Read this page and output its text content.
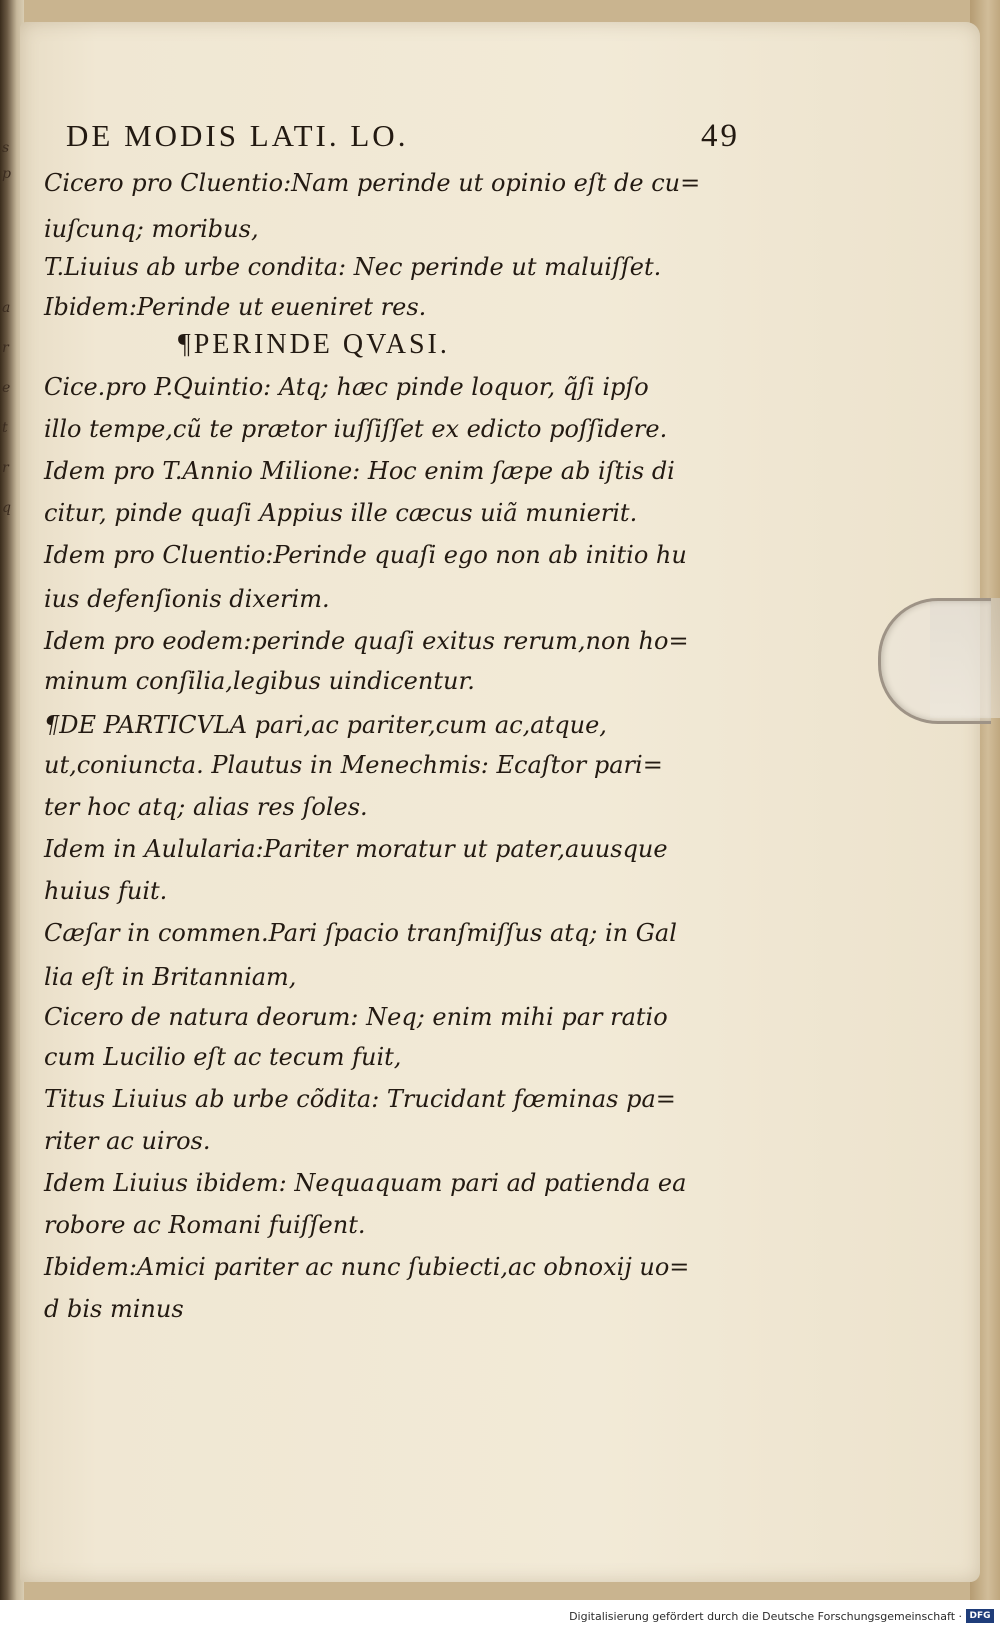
s
p
a
r
e
t
r
q
DE MODIS LATI. LO.	49
Cicero pro Cluentio:Nam perinde ut opinio eſt de cu=
iuſcunq; moribus,
T.Liuius ab urbe condita: Nec perinde ut maluiſſet.
Ibidem:Perinde ut eueniret res.
¶PERINDE QVASI.
Cice.pro P.Quintio: Atq; hæc pinde loquor, q̃ſi ipſo
illo tempe,cũ te prætor iuſſiſſet ex edicto poſſidere.
Idem pro T.Annio Milione: Hoc enim ſæpe ab iſtis di
citur, pinde quaſi Appius ille cæcus uiã munierit.
Idem pro Cluentio:Perinde quaſi ego non ab initio hu
ius defenſionis dixerim.
Idem pro eodem:perinde quaſi exitus rerum,non ho=
minum conſilia,legibus uindicentur.
¶DE PARTICVLA pari,ac pariter,cum ac,atque,
ut,coniuncta. Plautus in Menechmis: Ecaſtor pari=
ter hoc atq; alias res ſoles.
Idem in Aulularia:Pariter moratur ut pater,auusque
huius fuit.
Cæſar in commen.Pari ſpacio tranſmiſſus atq; in Gal
lia eſt in Britanniam,
Cicero de natura deorum: Neq; enim mihi par ratio
cum Lucilio eſt ac tecum fuit,
Titus Liuius ab urbe cõdita: Trucidant fœminas pa=
riter ac uiros.
Idem Liuius ibidem: Nequaquam pari ad patienda ea
robore ac Romani fuiſſent.
Ibidem:Amici pariter ac nunc ſubiecti,ac obnoxij uo=
d bis minus
Digitalisierung gefördert durch die Deutsche Forschungsgemeinschaft · DFG
